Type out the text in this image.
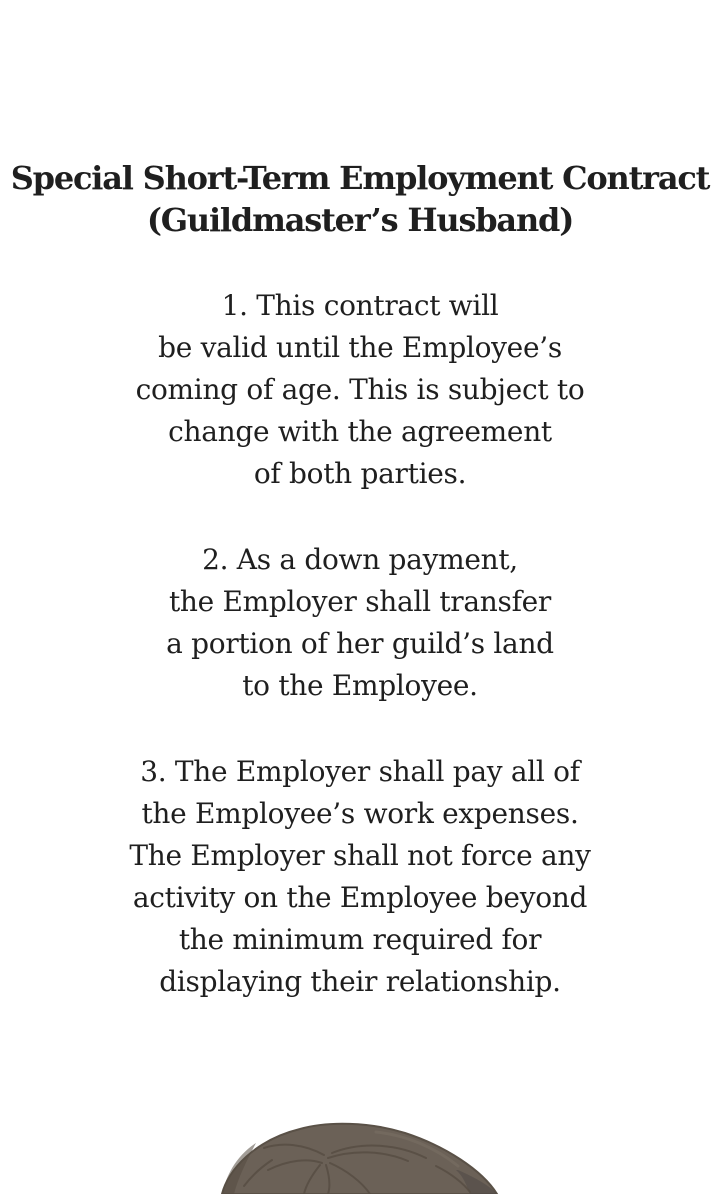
Special Short-Term Employment Contract
(Guildmaster’s Husband)
1. This contract will
be valid until the Employee’s
coming of age. This is subject to
change with the agreement
of both parties.
2. As a down payment,
the Employer shall transfer
a portion of her guild’s land
to the Employee.
3. The Employer shall pay all of
the Employee’s work expenses.
The Employer shall not force any
activity on the Employee beyond
the minimum required for
displaying their relationship.
